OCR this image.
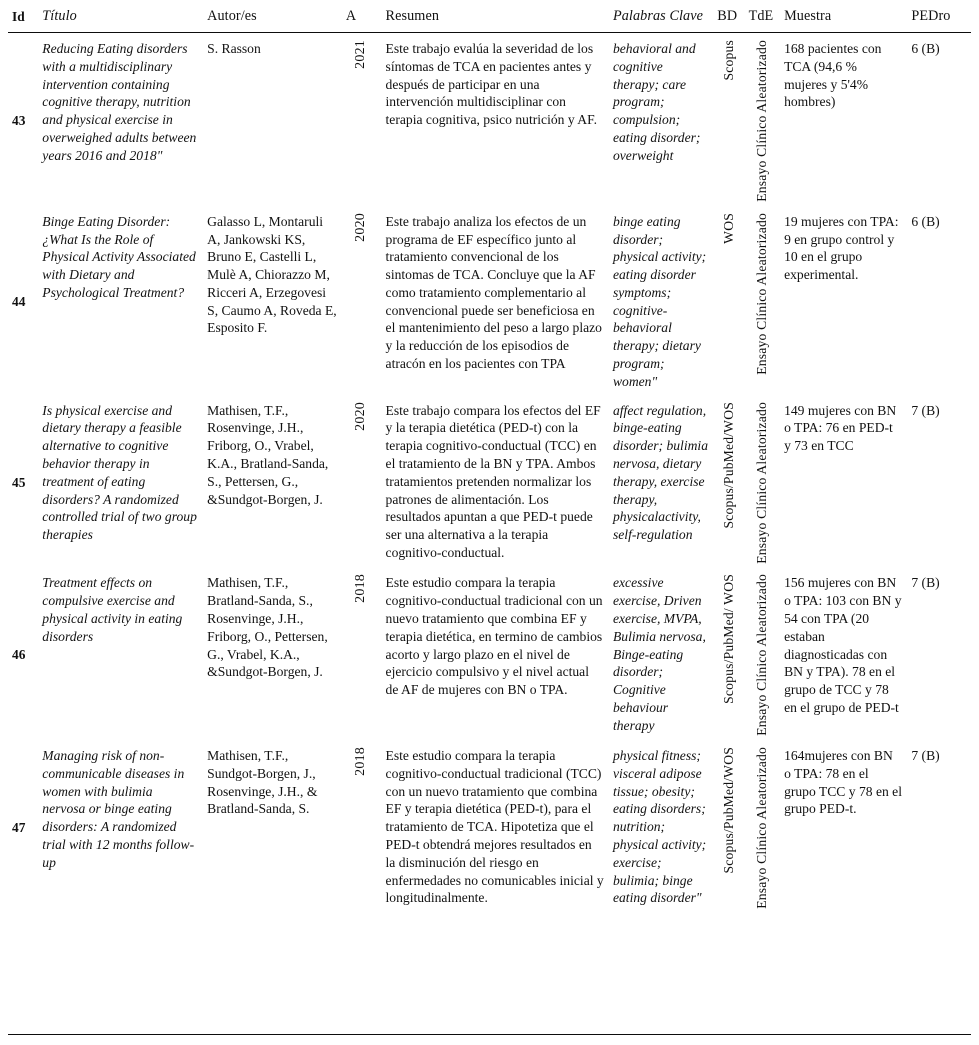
Id	Título	Autor/es	A	Resumen	Palabras Clave	BD	TdE	Muestra	PEDro
43	Reducing Eating disorders with a multidisciplinary intervention containing cognitive therapy, nutrition and physical exercise in overweighed adults between years 2016 and 2018"	S. Rasson	2021	Este trabajo evalúa la severidad de los síntomas de TCA en pacientes antes y después de participar en una intervención multidisciplinar con terapia cognitiva, psico nutrición y AF.	behavioral and cognitive therapy; care program; compulsion; eating disorder; overweight	Scopus	Ensayo Clínico Aleatorizado	168 pacientes con TCA (94,6 % mujeres y 5'4% hombres)	6 (B)
44	Binge Eating Disorder: ¿What Is the Role of Physical Activity Associated with Dietary and Psychological Treatment?	Galasso L, Montaruli A, Jankowski KS, Bruno E, Castelli L, Mulè A, Chiorazzo M, Ricceri A, Erzegovesi S, Caumo A, Roveda E, Esposito F.	2020	Este trabajo analiza los efectos de un programa de EF específico junto al tratamiento convencional de los sintomas de TCA. Concluye que la AF como tratamiento complementario al convencional puede ser beneficiosa en el mantenimiento del peso a largo plazo y la reducción de los episodios de atracón en los pacientes con TPA	binge eating disorder; physical activity; eating disorder symptoms; cognitive-behavioral therapy; dietary program; women"	WOS	Ensayo Clínico Aleatorizado	19 mujeres con TPA: 9 en grupo control y 10 en el grupo experimental.	6 (B)
45	Is physical exercise and dietary therapy a feasible alternative to cognitive behavior therapy in treatment of eating disorders? A randomized controlled trial of two group therapies	Mathisen, T.F., Rosenvinge, J.H., Friborg, O., Vrabel, K.A., Bratland-Sanda, S., Pettersen, G., &Sundgot-Borgen, J.	2020	Este trabajo compara los efectos del EF y la terapia dietética (PED-t) con la terapia cognitivo-conductual (TCC) en el tratamiento de la BN y TPA. Ambos tratamientos pretenden normalizar los patrones de alimentación. Los resultados apuntan a que PED-t puede ser una alternativa a la terapia cognitivo-conductual.	affect regulation, binge-eating disorder; bulimia nervosa, dietary therapy, exercise therapy, physicalactivity, self-regulation	Scopus/PubMed/WOS	Ensayo Clínico Aleatorizado	149 mujeres con BN o TPA: 76 en PED-t y 73 en TCC	7 (B)
46	Treatment effects on compulsive exercise and physical activity in eating disorders	Mathisen, T.F., Bratland-Sanda, S., Rosenvinge, J.H., Friborg, O., Pettersen, G., Vrabel, K.A., &Sundgot-Borgen, J.	2018	Este estudio compara la terapia cognitivo-conductual tradicional con un nuevo tratamiento que combina EF y terapia dietética, en termino de cambios acorto y largo plazo en el nivel de ejercicio compulsivo y el nivel actual de AF de mujeres con BN o TPA.	excessive exercise, Driven exercise, MVPA, Bulimia nervosa, Binge-eating disorder; Cognitive behaviour therapy	Scopus/PubMed/ WOS	Ensayo Clínico Aleatorizado	156 mujeres con BN o TPA: 103 con BN y 54 con TPA (20 estaban diagnosticadas con BN y TPA). 78 en el grupo de TCC y 78 en el grupo de PED-t	7 (B)
47	Managing risk of non-communicable diseases in women with bulimia nervosa or binge eating disorders: A randomized trial with 12 months follow-up	Mathisen, T.F., Sundgot-Borgen, J., Rosenvinge, J.H., & Bratland-Sanda, S.	2018	Este estudio compara la terapia cognitivo-conductual tradicional (TCC) con un nuevo tratamiento que combina EF y terapia dietética (PED-t), para el tratamiento de TCA. Hipotetiza que el PED-t obtendrá mejores resultados en la disminución del riesgo en enfermedades no comunicables inicial y longitudinalmente.	physical fitness; visceral adipose tissue; obesity; eating disorders; nutrition; physical activity; exercise; bulimia; binge eating disorder"	Scopus/PubMed/WOS	Ensayo Clínico Aleatorizado	164mujeres con BN o TPA: 78 en el grupo TCC y 78 en el grupo PED-t.	7 (B)
